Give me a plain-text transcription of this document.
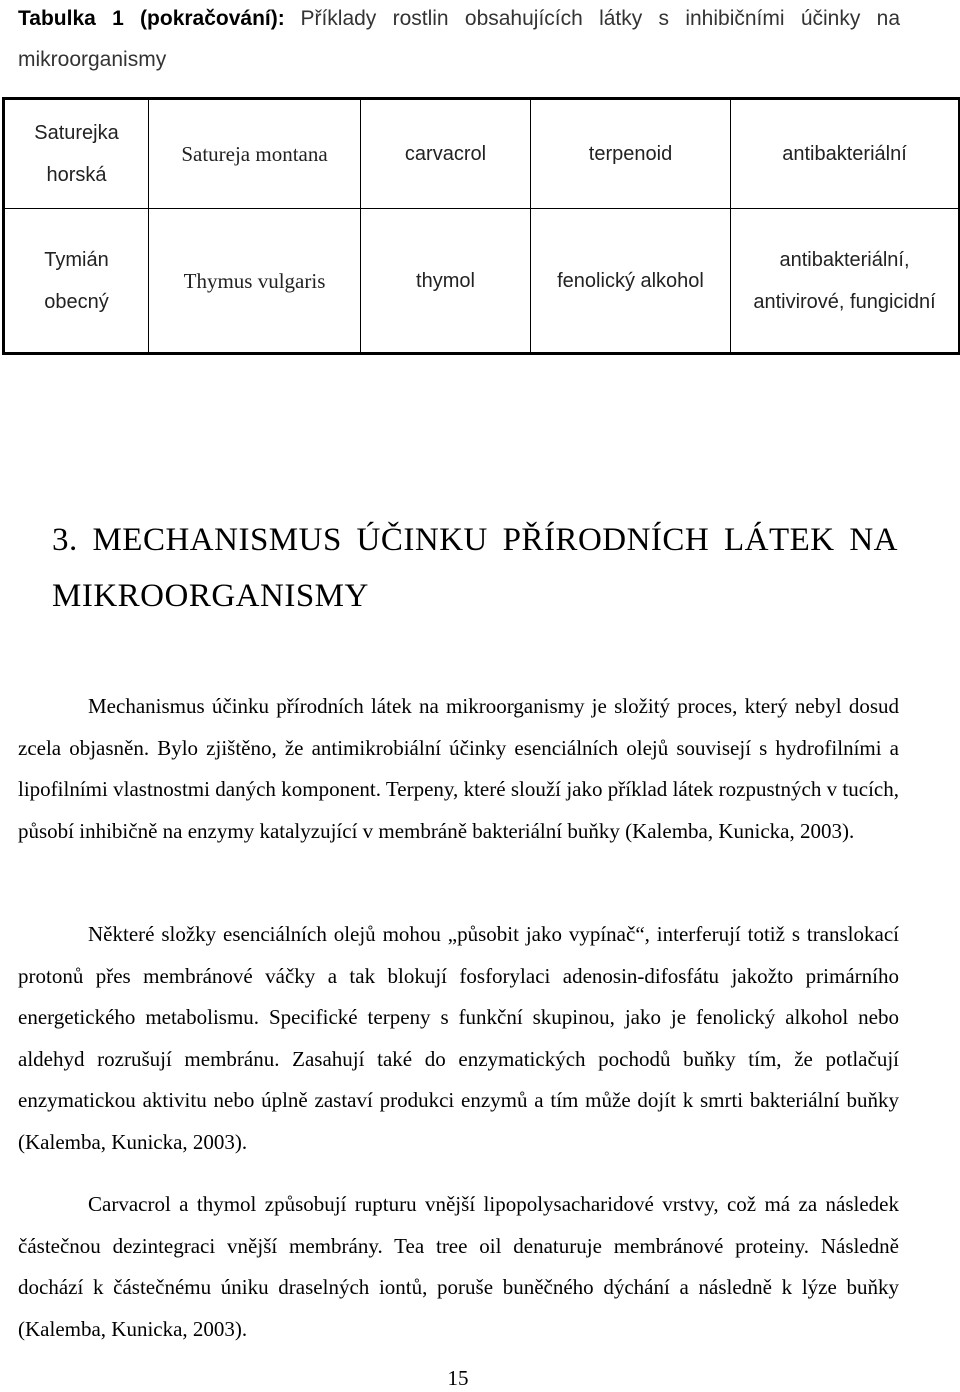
Tabulka 1 (pokračování): Příklady rostlin obsahujících látky s inhibičními účinky na mikroorganismy
Saturejka horská	Satureja montana	carvacrol	terpenoid	antibakteriální
Tymián obecný	Thymus vulgaris	thymol	fenolický alkohol	antibakteriální, antivirové, fungicidní
3. MECHANISMUS ÚČINKU PŘÍRODNÍCH LÁTEK NA MIKROORGANISMY

Mechanismus účinku přírodních látek na mikroorganismy je složitý proces, který nebyl dosud zcela objasněn. Bylo zjištěno, že antimikrobiální účinky esenciálních olejů souvisejí s hydrofilními a lipofilními vlastnostmi daných komponent. Terpeny, které slouží jako příklad látek rozpustných v tucích, působí inhibičně na enzymy katalyzující v membráně bakteriální buňky (Kalemba, Kunicka, 2003).

Některé složky esenciálních olejů mohou „působit jako vypínač“, interferují totiž s translokací protonů přes membránové váčky a tak blokují fosforylaci adenosin-difosfátu jakožto primárního energetického metabolismu. Specifické terpeny s funkční skupinou, jako je fenolický alkohol nebo aldehyd rozrušují membránu. Zasahují také do enzymatických pochodů buňky tím, že potlačují enzymatickou aktivitu nebo úplně zastaví produkci enzymů a tím může dojít k smrti bakteriální buňky (Kalemba, Kunicka, 2003).

Carvacrol a thymol způsobují rupturu vnější lipopolysacharidové vrstvy, což má za následek částečnou dezintegraci vnější membrány. Tea tree oil denaturuje membránové proteiny. Následně dochází k částečnému úniku draselných iontů, poruše buněčného dýchání a následně k lýze buňky (Kalemba, Kunicka, 2003).

15
